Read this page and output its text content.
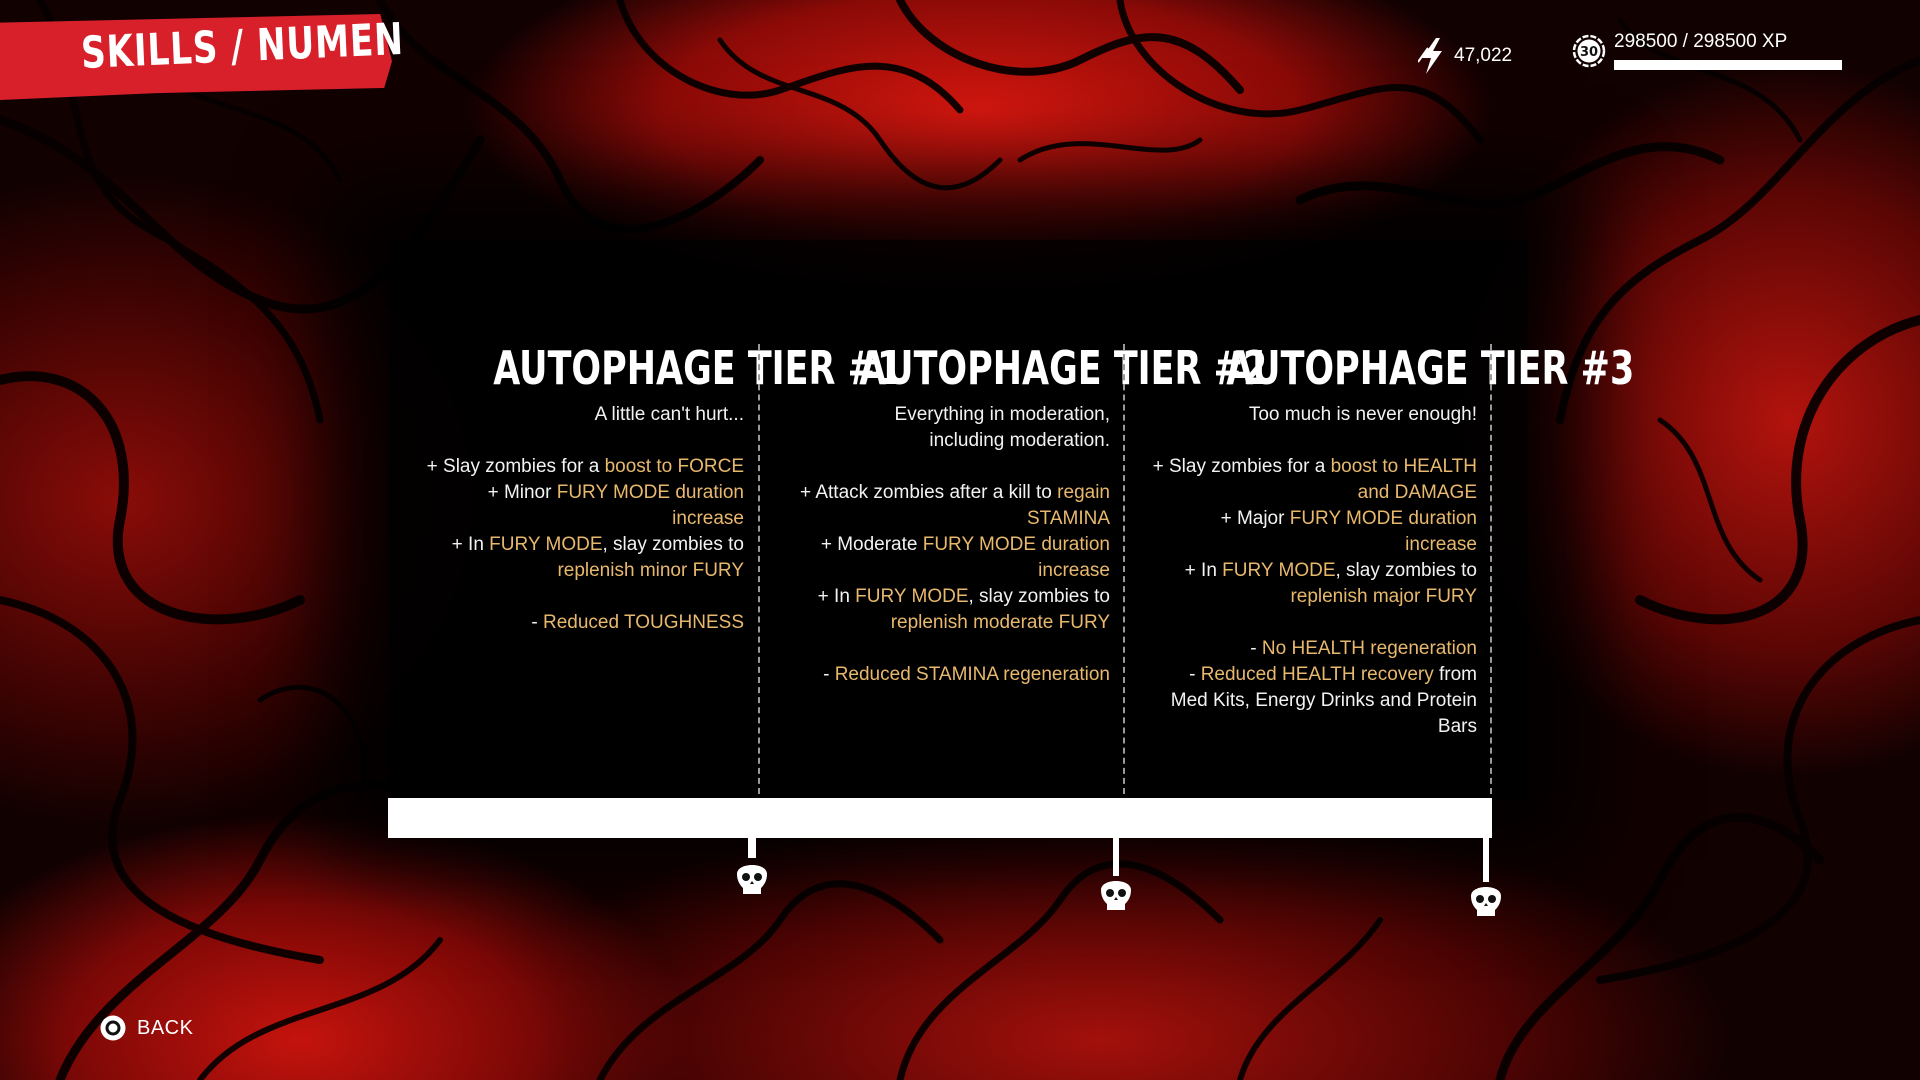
SKILLS / NUMEN	47,022	30
298500 / 298500 XP
AUTOPHAGE TIER #1
A little can't hurt...
+ Slay zombies for a boost to FORCE
+ Minor FURY MODE duration increase
+ In FURY MODE, slay zombies to replenish minor FURY
- Reduced TOUGHNESS
AUTOPHAGE TIER #2
Everything in moderation,
including moderation.
+ Attack zombies after a kill to regain STAMINA
+ Moderate FURY MODE duration increase
+ In FURY MODE, slay zombies to replenish moderate FURY
- Reduced STAMINA regeneration
AUTOPHAGE TIER #3
Too much is never enough!
+ Slay zombies for a boost to HEALTH and DAMAGE
+ Major FURY MODE duration increase
+ In FURY MODE, slay zombies to replenish major FURY
- No HEALTH regeneration
- Reduced HEALTH recovery from Med Kits, Energy Drinks and Protein Bars
BACK
